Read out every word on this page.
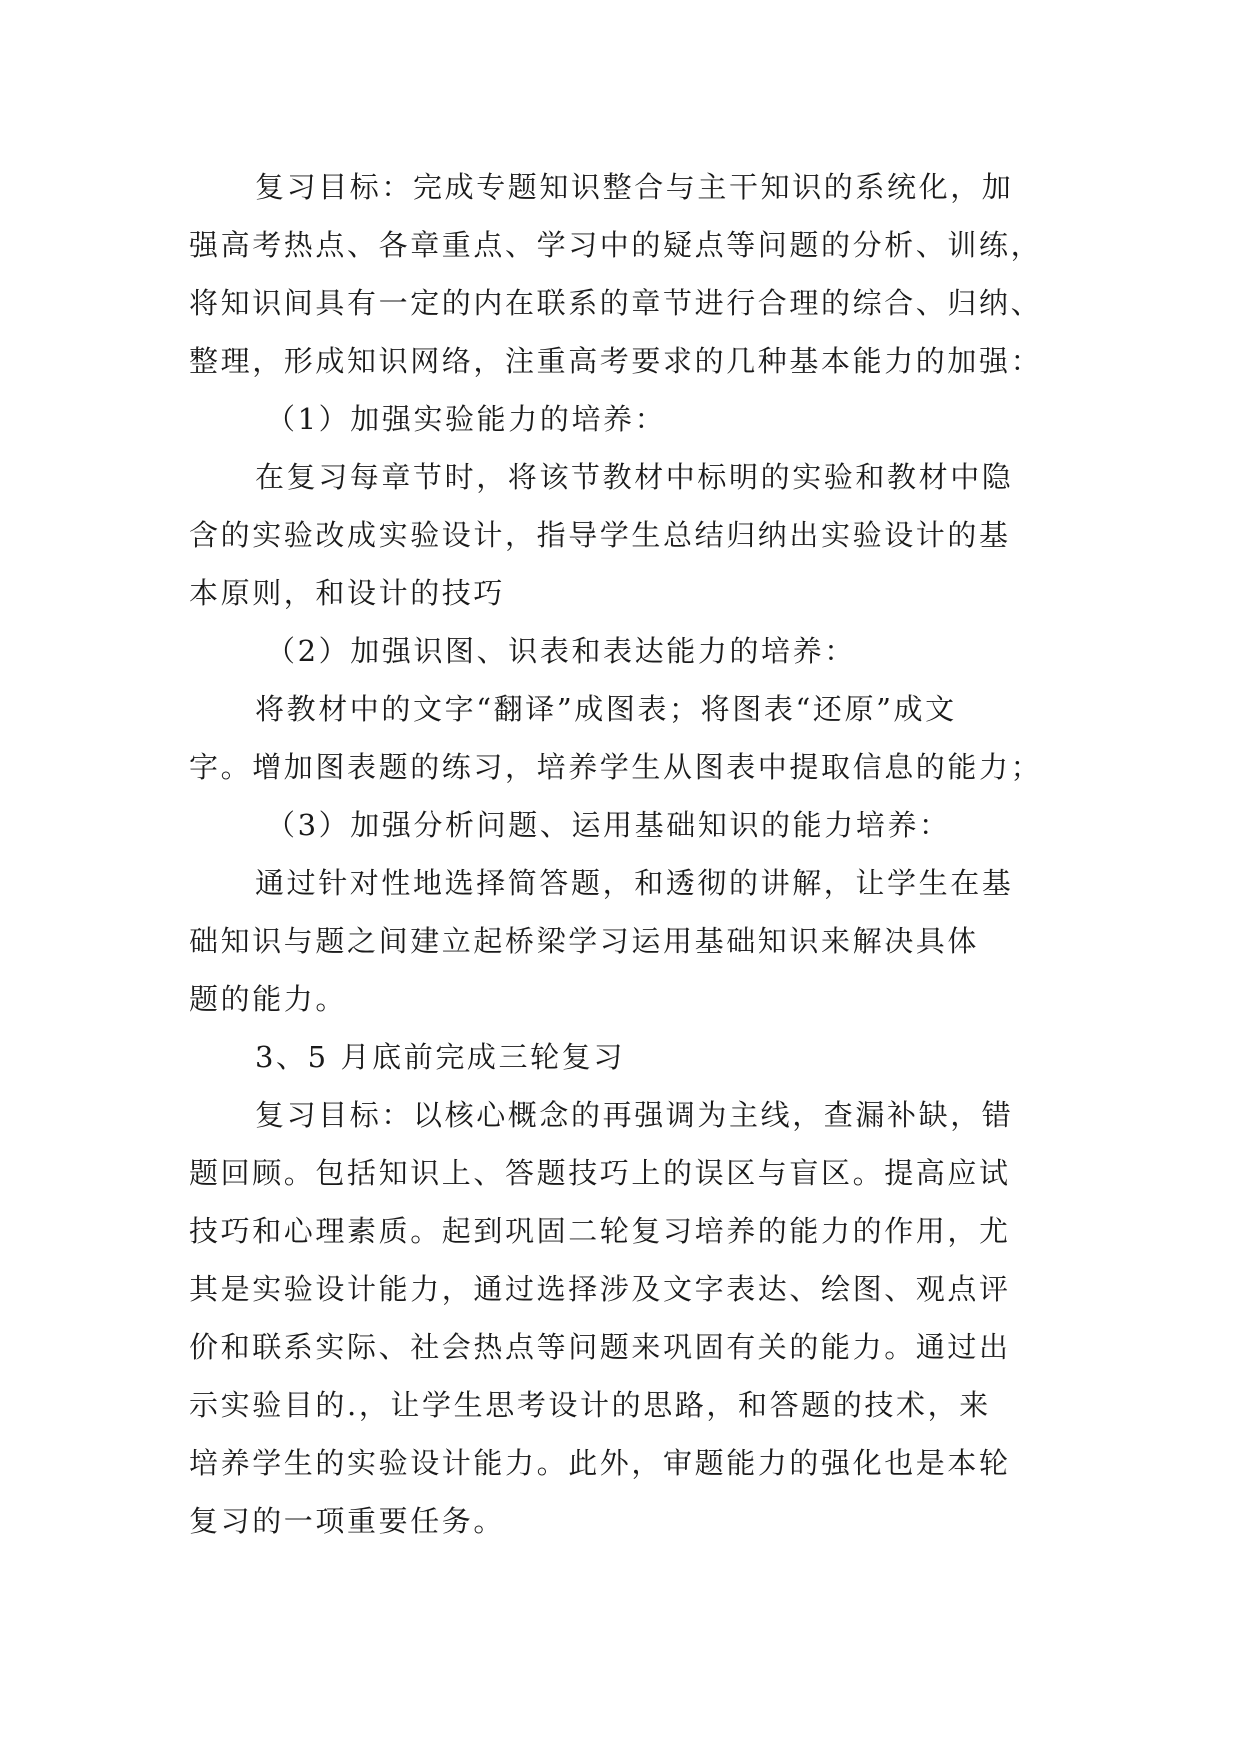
复习目标：完成专题知识整合与主干知识的系统化，加
强高考热点、各章重点、学习中的疑点等问题的分析、训练，
将知识间具有一定的内在联系的章节进行合理的综合、归纳、
整理，形成知识网络，注重高考要求的几种基本能力的加强：
（1）加强实验能力的培养：
在复习每章节时，将该节教材中标明的实验和教材中隐
含的实验改成实验设计，指导学生总结归纳出实验设计的基
本原则，和设计的技巧
（2）加强识图、识表和表达能力的培养：
将教材中的文字“翻译”成图表；将图表“还原”成文
字。增加图表题的练习，培养学生从图表中提取信息的能力；
（3）加强分析问题、运用基础知识的能力培养：
通过针对性地选择简答题，和透彻的讲解，让学生在基
础知识与题之间建立起桥梁学习运用基础知识来解决具体
题的能力。
3、5 月底前完成三轮复习
复习目标：以核心概念的再强调为主线，查漏补缺，错
题回顾。包括知识上、答题技巧上的误区与盲区。提高应试
技巧和心理素质。起到巩固二轮复习培养的能力的作用，尤
其是实验设计能力，通过选择涉及文字表达、绘图、观点评
价和联系实际、社会热点等问题来巩固有关的能力。通过出
示实验目的.，让学生思考设计的思路，和答题的技术，来
培养学生的实验设计能力。此外，审题能力的强化也是本轮
复习的一项重要任务。
